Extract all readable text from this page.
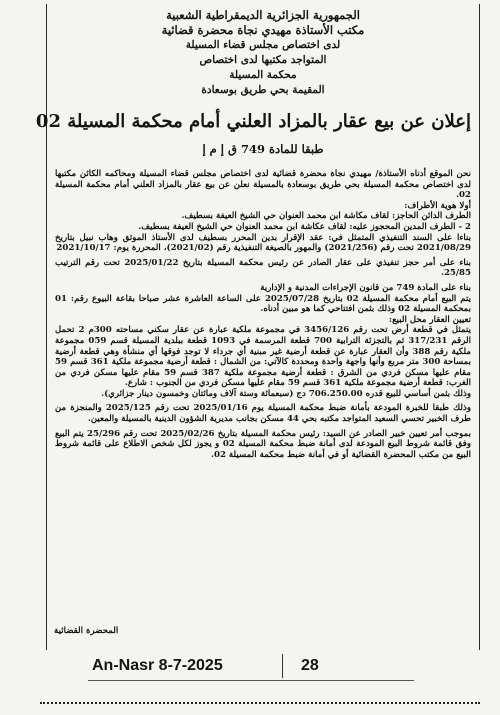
الجمهورية الجزائرية الديمقراطية الشعبية
مكتب الأستاذة مهيدي نجاة محضرة قضائية
لدى اختصاص مجلس قضاء المسيلة
المتواجد مكتبها لدى اختصاص
محكمة المسيلة
المقيمة بحي طريق بوسعادة
إعلان عن بيع عقار بالمزاد العلني أمام محكمة المسيلة 02
طبقا للمادة 749 ق إ م إ

نحن الموقع أدناه الأستاذة/ مهيدي نجاة محضرة قضائية لدى اختصاص مجلس قضاء المسيلة ومحاكمه الكائن مكتبها لدى اختصاص محكمة المسيلة بحي طريق بوسعادة بالمسيلة نعلن عن بيع عقار بالمزاد العلني أمام محكمة المسيلة 02.

أولا هوية الأطراف:

الطرف الدائن الحاجز: لقاف مكاشة ابن محمد العنوان حي الشيخ العيفة بسطيف.

2 - الطرف المدين المحجوز عليه: لقاف عكاشة ابن محمد العنوان حي الشيخ العيفة بسطيف.

بناءا على السند التنفيذي المتمثل في: عقد الإقرار بدين المحرر بسطيف لدى الأستاذ الموثق وهاب نبيل بتاريخ 2021/08/29 تحت رقم (2021/256) والمهور بالصيغة التنفيذية رقم (2021/02)، المحررة يوم: 2021/10/17

بناء على أمر حجز تنفيذي على عقار الصادر عن رئيس محكمة المسيلة بتاريخ 2025/01/22 تحت رقم الترتيب 25/85.

بناء على المادة 749 من قانون الإجراءات المدنية و الإدارية

يتم البيع أمام محكمة المسيلة 02 بتاريخ 2025/07/28 على الساعة العاشرة عشر صباحا بقاعة البيوع رقم: 01 بمحكمة المسيلة 02 وذلك بثمن افتتاحي كما هو مبين أدناه.

تعيين العقار محل البيع:

يتمثل في قطعة أرض تحت رقم 3456/126 في مجموعة ملكية عبارة عن عقار سكني مساحته 300م 2 تحمل الرقم 317/231 ثم بالتجزئة الترابية 700 قطعة المرسمة في 1093 قطعة ببلدية المسيلة قسم 059 مجموعة ملكية رقم 388 وأن العقار عبارة عن قطعة أرضية غير مبنية أي جرداء لا توجد فوقها أي منشأة وهي قطعة أرضية بمساحة 300 متر مربع وأنها واجهة واحدة ومحددة كالآتي: من الشمال : قطعة أرضية مجموعة ملكية 361 قسم 59 مقام عليها مسكن فردي من الشرق : قطعة أرضية مجموعة ملكية 387 قسم 59 مقام عليها مسكن فردي من الغرب: قطعة أرضية مجموعة ملكية 361 قسم 59 مقام عليها مسكن فردي من الجنوب : شارع.

وذلك بثمن أساسي للبيع قدره 706.250.00 دج (سبعمائة وستة آلاف ومائتان وخمسون دينار جزائري).

وذلك طبقا للخبرة المودعة بأمانة ضبط محكمة المسيلة يوم 2025/01/16 تحت رقم 2025/125 والمنجزة من طرف الخبير تحسي السعيد المتواجد مكتبه بحي 44 مسكن بجانب مديرية الشؤون الدينية بالمسيلة والمعين.

بموجب أمر تعيين خبير الصادر عن السيد: رئيس محكمة المسيلة بتاريخ 2025/02/26 تحت رقم 25/296 يتم البيع وفق قائمة شروط البيع المودعة لدى أمانة ضبط محكمة المسيلة 02 و يجوز لكل شخص الاطلاع على قائمة شروط البيع من مكتب المحضرة القضائية أو في أمانة ضبط محكمة المسيلة 02.

المحضرة القضائية
An-Nasr 8-7-2025	28
